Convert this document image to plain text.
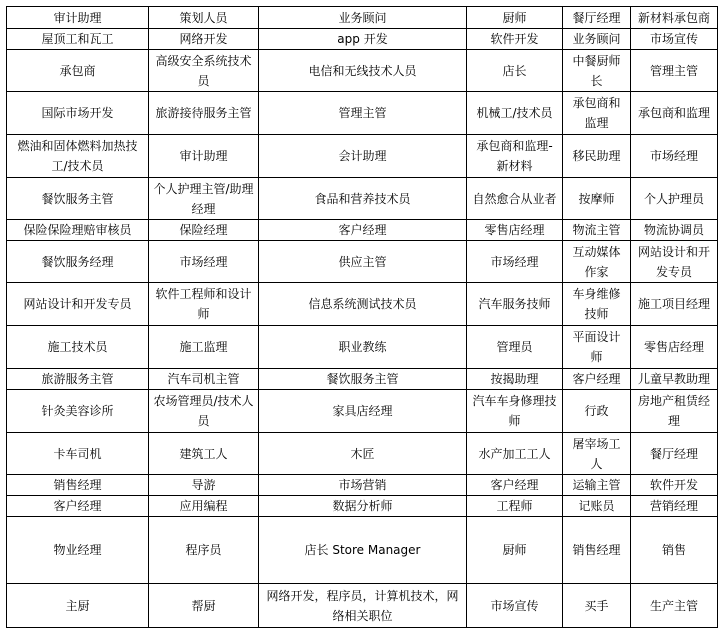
审计助理	策划人员	业务顾问	厨师	餐厅经理	新材料承包商
屋顶工和瓦工	网络开发	app 开发	软件开发	业务顾问	市场宣传
承包商	高级安全系统技术员	电信和无线技术人员	店长	中餐厨师长	管理主管
国际市场开发	旅游接待服务主管	管理主管	机械工/技术员	承包商和监理	承包商和监理
燃油和固体燃料加热技工/技术员	审计助理	会计助理	承包商和监理-新材料	移民助理	市场经理
餐饮服务主管	个人护理主管/助理经理	食品和营养技术员	自然愈合从业者	按摩师	个人护理员
保险保险理赔审核员	保险经理	客户经理	零售店经理	物流主管	物流协调员
餐饮服务经理	市场经理	供应主管	市场经理	互动媒体作家	网站设计和开发专员
网站设计和开发专员	软件工程师和设计师	信息系统测试技术员	汽车服务技师	车身维修技师	施工项目经理
施工技术员	施工监理	职业教练	管理员	平面设计师	零售店经理
旅游服务主管	汽车司机主管	餐饮服务主管	按揭助理	客户经理	儿童早教助理
针灸美容诊所	农场管理员/技术人员	家具店经理	汽车车身修理技师	行政	房地产租赁经理
卡车司机	建筑工人	木匠	水产加工工人	屠宰场工人	餐厅经理
销售经理	导游	市场营销	客户经理	运输主管	软件开发
客户经理	应用编程	数据分析师	工程师	记账员	营销经理
物业经理	程序员	店长 Store Manager	厨师	销售经理	销售
主厨	帮厨	网络开发，程序员，计算机技术，网络相关职位	市场宣传	买手	生产主管
